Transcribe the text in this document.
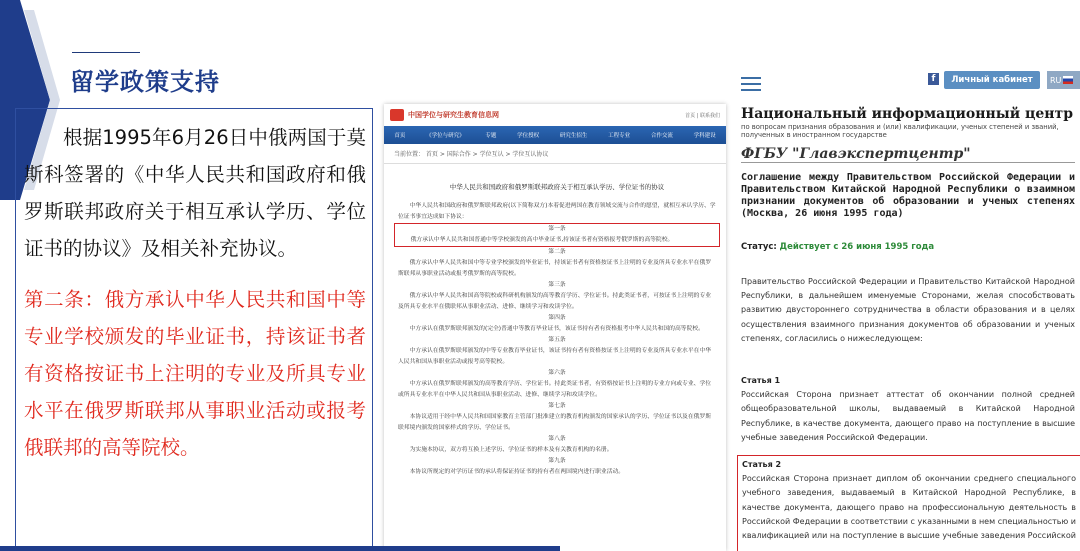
留学政策支持

根据1995年6月26日中俄两国于莫斯科签署的《中华人民共和国政府和俄罗斯联邦政府关于相互承认学历、学位证书的协议》及相关补充协议。

第二条：俄方承认中华人民共和国中等专业学校颁发的毕业证书，持该证书者有资格按证书上注明的专业及所具专业水平在俄罗斯联邦从事职业活动或报考俄联邦的高等院校。

中国学位与研究生教育信息网	首页 | 联系我们
首页	《学位与研究》	专题	学位授权	研究生招生	工程专业	合作交流	学科建设
当前位置： 首页 > 国际合作 > 学位互认 > 学位互认协议
中华人民共和国政府和俄罗斯联邦政府关于相互承认学历、学位证书的协议
中华人民共和国政府和俄罗斯联邦政府(以下简称双方)本着促进两国在教育领域交流与合作的愿望，就相互承认学历、学位证书事宜达成如下协议：
第一条
俄方承认中华人民共和国普通中等学校颁发的高中毕业证书,持该证书者有资格报考俄罗斯的高等院校。
第二条
俄方承认中华人民共和国中等专业学校颁发的毕业证书，持该证书者有资格按证书上注明的专业及所具专业水平在俄罗斯联邦从事职业活动或报考俄罗斯的高等院校。
第三条
俄方承认中华人民共和国高等院校或科研机构颁发的高等教育学历、学位证书。持此类证书者，可按证书上注明的专业及所具专业水平在俄联邦从事职业活动、进修、继续学习和攻读学位。
第四条
中方承认在俄罗斯联邦颁发的(完全)普通中等教育毕业证书，该证书持有者有资格报考中华人民共和国的高等院校。
第五条
中方承认在俄罗斯联邦颁发的中等专业教育毕业证书，该证书持有者有资格按证书上注明的专业及所具专业水平在中华人民共和国从事职业活动或报考高等院校。
第六条
中方承认在俄罗斯联邦颁发的高等教育学历、学位证书。持此类证书者，有资格按证书上注明的专业方向或专业、学位或所具专业水平在中华人民共和国从事职业活动、进修、继续学习和攻读学位。
第七条
本协议适用于经中华人民共和国国家教育主管部门批准建立的教育机构颁发的国家承认的学历、学位证书以及在俄罗斯联邦境内颁发的国家样式的学历、学位证书。
第八条
为实施本协议，双方将互换上述学历、学位证书的样本及有关教育机构的名册。
第九条
本协议所规定的对学历证书的承认将保证持证书的持有者在两国境内进行职业活动。
f	Личный кабинет	RU
Национальный информационный центр
по вопросам признания образования и (или) квалификации, ученых степеней и званий, полученных в иностранном государстве
ФГБУ "Главэкспертцентр"
Соглашение между Правительством Российской Федерации и Правительством Китайской Народной Республики о взаимном признании документов об образовании и ученых степенях (Москва, 26 июня 1995 года)
Статус: Действует с 26 июня 1995 года
Правительство Российской Федерации и Правительство Китайской Народной Республики, в дальнейшем именуемые Сторонами, желая способствовать развитию двустороннего сотрудничества в области образования и в целях осуществления взаимного признания документов об образовании и ученых степенях, согласились о нижеследующем:
Статья 1
Российская Сторона признает аттестат об окончании полной средней общеобразовательной школы, выдаваемый в Китайской Народной Республике, в качестве документа, дающего право на поступление в высшие учебные заведения Российской Федерации.
Статья 2
Российская Сторона признает диплом об окончании среднего специального учебного заведения, выдаваемый в Китайской Народной Республике, в качестве документа, дающего право на профессиональную деятельность в Российской Федерации в соответствии с указанными в нем специальностью и квалификацией или на поступление в высшие учебные заведения Российской
